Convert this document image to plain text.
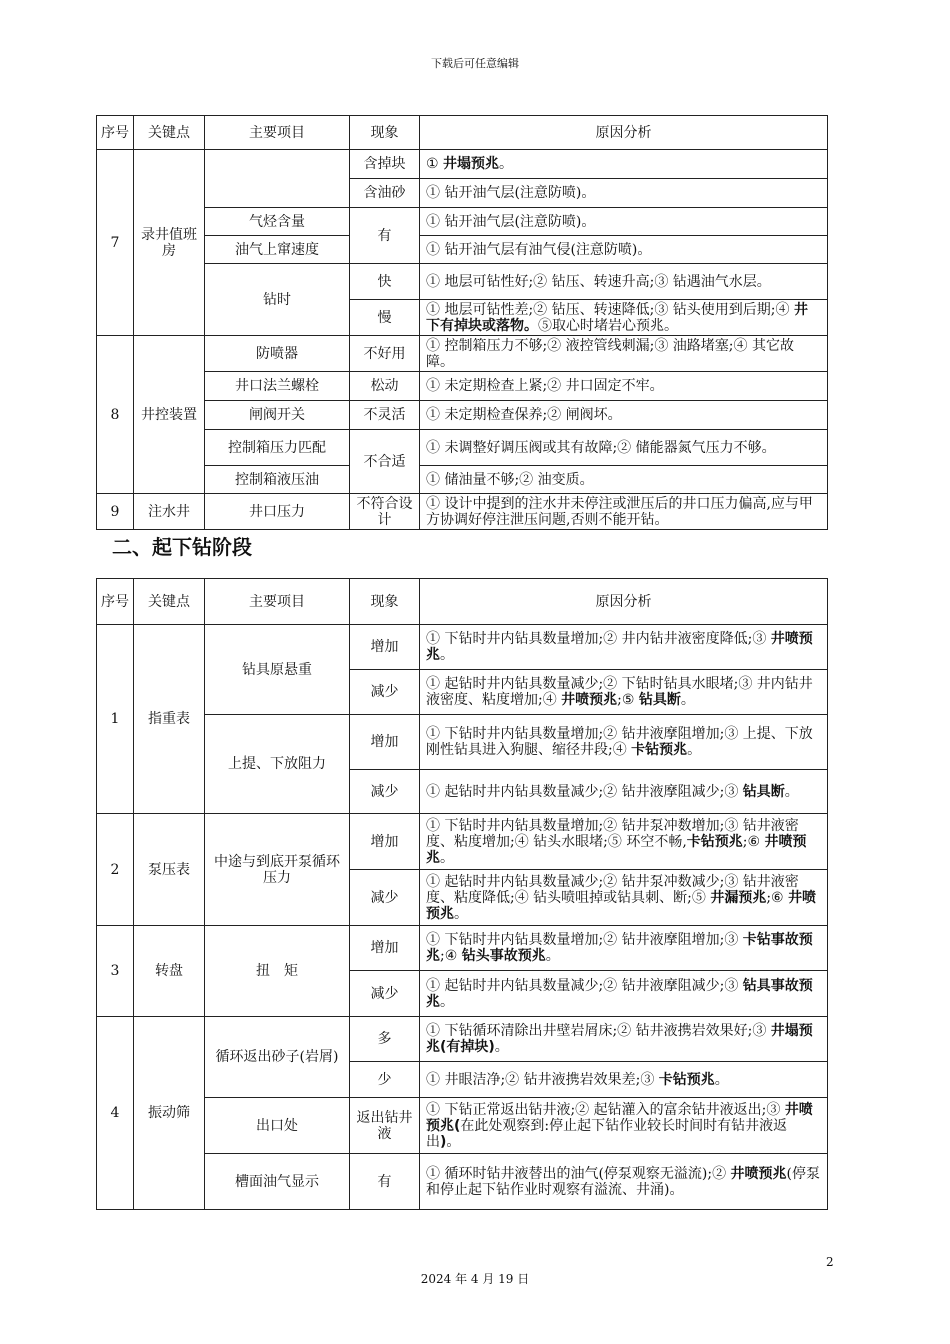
下载后可任意编辑
序号	关键点	主要项目	现象	原因分析
7	录井值班房		含掉块	① 井塌预兆。
			含油砂	① 钻开油气层(注意防喷)。
		气烃含量	有	① 钻开油气层(注意防喷)。
		油气上窜速度		① 钻开油气层有油气侵(注意防喷)。
		钻时	快	① 地层可钻性好;② 钻压、转速升高;③ 钻遇油气水层。
			慢	① 地层可钻性差;② 钻压、转速降低;③ 钻头使用到后期;④ 井下有掉块或落物。⑤取心时堵岩心预兆。

8	井控装置	防喷器	不好用	① 控制箱压力不够;② 液控管线刺漏;③ 油路堵塞;④ 其它故障。
		井口法兰螺栓	松动	① 未定期检查上紧;② 井口固定不牢。
		闸阀开关	不灵活	① 未定期检查保养;② 闸阀坏。
		控制箱压力匹配	不合适	① 未调整好调压阀或其有故障;② 储能器氮气压力不够。
		控制箱液压油		① 储油量不够;② 油变质。
9	注水井	井口压力	不符合设计	① 设计中提到的注水井未停注或泄压后的井口压力偏高,应与甲方协调好停注泄压问题,否则不能开钻。
二、起下钻阶段
序号	关键点	主要项目	现象	原因分析
1	指重表	钻具原悬重	增加	① 下钻时井内钻具数量增加;② 井内钻井液密度降低;③ 井喷预兆。
			减少	① 起钻时井内钻具数量减少;② 下钻时钻具水眼堵;③ 井内钻井液密度、粘度增加;④ 井喷预兆;⑤ 钻具断。
		上提、下放阻力	增加	① 下钻时井内钻具数量增加;② 钻井液摩阻增加;③ 上提、下放刚性钻具进入狗腿、缩径井段;④ 卡钻预兆。
			减少	① 起钻时井内钻具数量减少;② 钻井液摩阻减少;③ 钻具断。
2	泵压表	中途与到底开泵循环压力	增加	① 下钻时井内钻具数量增加;② 钻井泵冲数增加;③ 钻井液密度、粘度增加;④ 钻头水眼堵;⑤ 环空不畅,卡钻预兆;⑥ 井喷预兆。
			减少	① 起钻时井内钻具数量减少;② 钻井泵冲数减少;③ 钻井液密度、粘度降低;④ 钻头喷咀掉或钻具刺、断;⑤ 井漏预兆;⑥ 井喷预兆。
3	转盘	扭　矩	增加	① 下钻时井内钻具数量增加;② 钻井液摩阻增加;③ 卡钻事故预兆;④ 钻头事故预兆。
			减少	① 起钻时井内钻具数量减少;② 钻井液摩阻减少;③ 钻具事故预兆。
4	振动筛	循环返出砂子(岩屑)	多	① 下钻循环清除出井壁岩屑床;② 钻井液携岩效果好;③ 井塌预兆(有掉块)。
			少	① 井眼洁净;② 钻井液携岩效果差;③ 卡钻预兆。
		出口处	返出钻井液	① 下钻正常返出钻井液;② 起钻灌入的富余钻井液返出;③ 井喷预兆(在此处观察到:停止起下钻作业较长时间时有钻井液返出)。
		槽面油气显示	有	① 循环时钻井液替出的油气(停泵观察无溢流);② 井喷预兆(停泵和停止起下钻作业时观察有溢流、井涌)。
2
2024 年 4 月 19 日
